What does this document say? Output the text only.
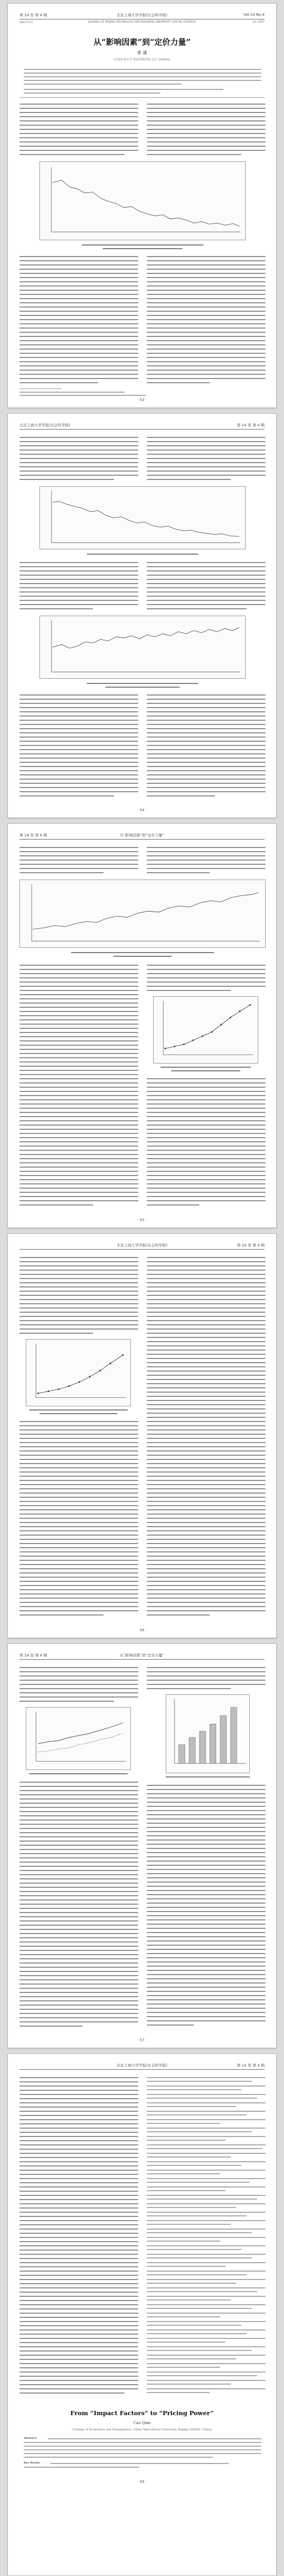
第 14 卷 第 4 期	北京工商大学学报(社会科学版)	Vol.14 No.4
2007年7月	JOURNAL OF BEIJING TECHNOLOGY AND BUSINESS UNIVERSITY (SOCIAL SCIENCE)	Jul. 2007
从“影响因素”到“定价力量”
曹 谦
(中国农业大学 经济管理学院,北京 100083)
· 53 ·
北京工商大学学报(社会科学版)	第 14 卷 第 4 期
· 54 ·
第 14 卷 第 4 期	从“影响因素”到“定价力量”
· 55 ·
北京工商大学学报(社会科学版)	第 14 卷 第 4 期
· 56 ·
第 14 卷 第 4 期	从“影响因素”到“定价力量”
· 57 ·
北京工商大学学报(社会科学版)	第 14 卷 第 4 期
From “Impact Factors” to “Pricing Power”
Cao Qian
(College of Economics and Management, China Agricultural University, Beijing 100083, China)
Abstract:
Key Words:
· 58 ·
